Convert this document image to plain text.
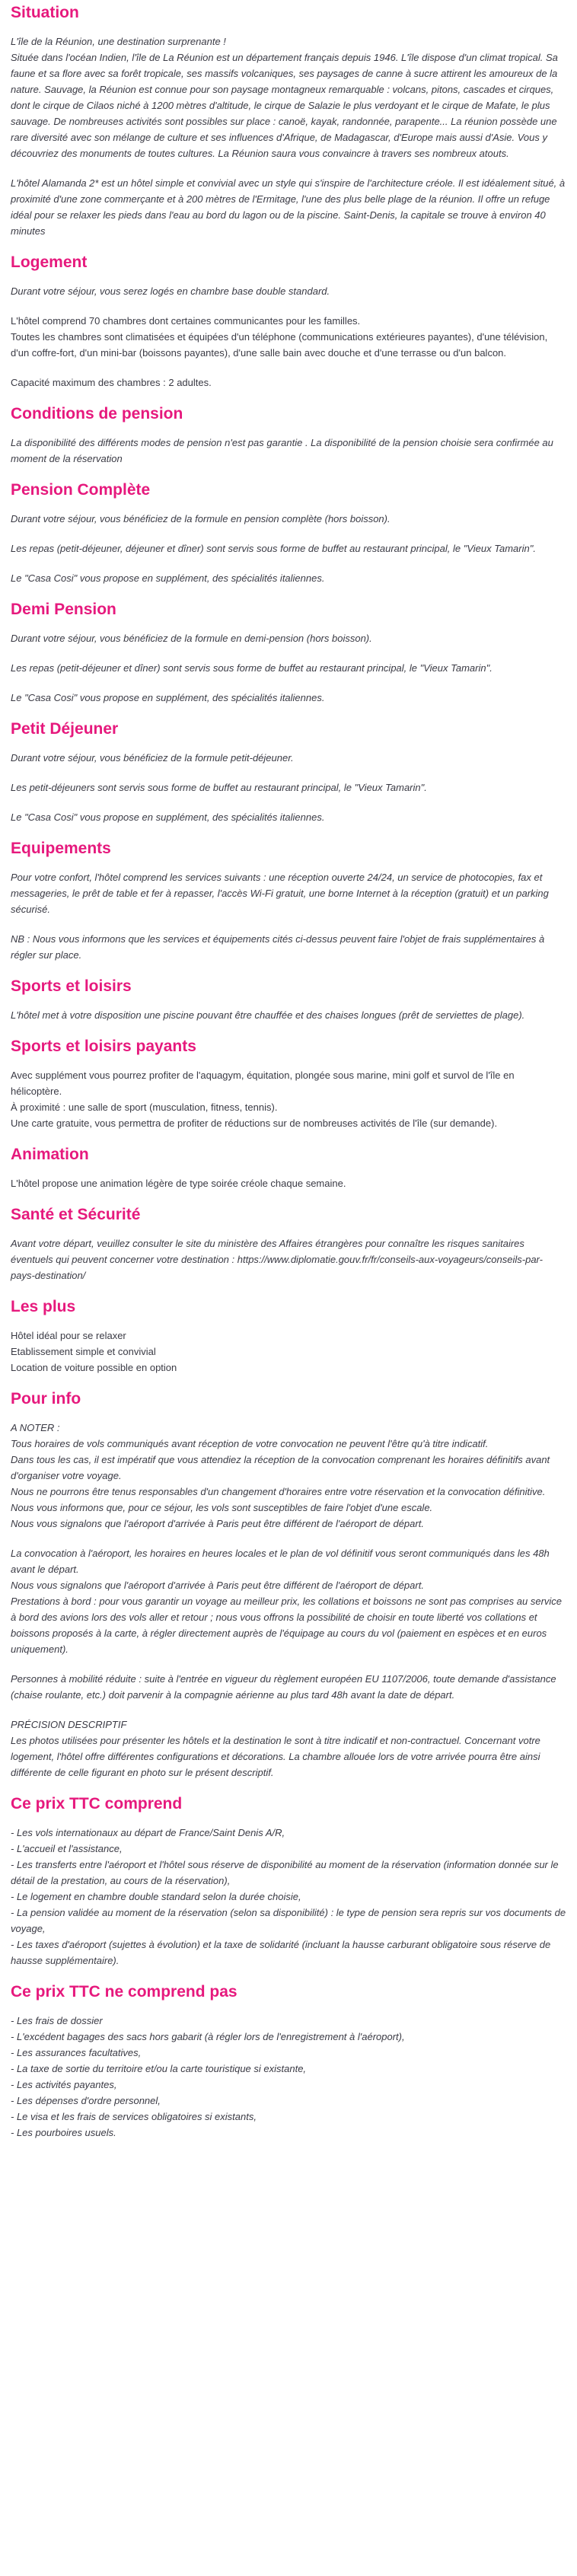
Situation
L'île de la Réunion, une destination surprenante !
Située dans l'océan Indien, l'île de La Réunion est un département français depuis 1946. L'île dispose d'un climat tropical. Sa faune et sa flore avec sa forêt tropicale, ses massifs volcaniques, ses paysages de canne à sucre attirent les amoureux de la nature. Sauvage, la Réunion est connue pour son paysage montagneux remarquable : volcans, pitons, cascades et cirques, dont le cirque de Cilaos niché à 1200 mètres d'altitude, le cirque de Salazie le plus verdoyant et le cirque de Mafate, le plus sauvage. De nombreuses activités sont possibles sur place : canoë, kayak, randonnée, parapente... La réunion possède une rare diversité avec son mélange de culture et ses influences d'Afrique, de Madagascar, d'Europe mais aussi d'Asie. Vous y découvriez des monuments de toutes cultures. La Réunion saura vous convaincre à travers ses nombreux atouts.
L'hôtel Alamanda 2* est un hôtel simple et convivial avec un style qui s'inspire de l'architecture créole. Il est idéalement situé, à proximité d'une zone commerçante et à 200 mètres de l'Ermitage, l'une des plus belle plage de la réunion. Il offre un refuge idéal pour se relaxer les pieds dans l'eau au bord du lagon ou de la piscine. Saint-Denis, la capitale se trouve à environ 40 minutes
Logement
Durant votre séjour, vous serez logés en chambre base double standard.
L'hôtel comprend 70 chambres dont certaines communicantes pour les familles.
Toutes les chambres sont climatisées et équipées d'un téléphone (communications extérieures payantes), d'une télévision, d'un coffre-fort, d'un mini-bar (boissons payantes), d'une salle bain avec douche et d'une terrasse ou d'un balcon.
Capacité maximum des chambres : 2 adultes.
Conditions de pension
La disponibilité des différents modes de pension n'est pas garantie . La disponibilité de la pension choisie sera confirmée au moment de la réservation
Pension Complète
Durant votre séjour, vous bénéficiez de la formule en pension complète (hors boisson).
Les repas (petit-déjeuner, déjeuner et dîner) sont servis sous forme de buffet au restaurant principal, le "Vieux Tamarin".
Le "Casa Cosi" vous propose en supplément, des spécialités italiennes.
Demi Pension
Durant votre séjour, vous bénéficiez de la formule en demi-pension (hors boisson).
Les repas (petit-déjeuner et dîner) sont servis sous forme de buffet au restaurant principal, le "Vieux Tamarin".
Le "Casa Cosi" vous propose en supplément, des spécialités italiennes.
Petit Déjeuner
Durant votre séjour, vous bénéficiez de la formule petit-déjeuner.
Les petit-déjeuners sont servis sous forme de buffet au restaurant principal, le "Vieux Tamarin".
Le "Casa Cosi" vous propose en supplément, des spécialités italiennes.
Equipements
Pour votre confort, l'hôtel comprend les services suivants : une réception ouverte 24/24, un service de photocopies, fax et messageries, le prêt de table et fer à repasser, l'accès Wi-Fi gratuit, une borne Internet à la réception (gratuit) et un parking sécurisé.
NB : Nous vous informons que les services et équipements cités ci-dessus peuvent faire l'objet de frais supplémentaires à régler sur place.
Sports et loisirs
L'hôtel met à votre disposition une piscine pouvant être chauffée et des chaises longues (prêt de serviettes de plage).
Sports et loisirs payants
Avec supplément vous pourrez profiter de l'aquagym, équitation, plongée sous marine, mini golf et survol de l'île en hélicoptère.
À proximité : une salle de sport (musculation, fitness, tennis).
Une carte gratuite, vous permettra de profiter de réductions sur de nombreuses activités de l'île (sur demande).
Animation
L'hôtel propose une animation légère de type soirée créole chaque semaine.
Santé et Sécurité
Avant votre départ, veuillez consulter le site du ministère des Affaires étrangères pour connaître les risques sanitaires éventuels qui peuvent concerner votre destination : https://www.diplomatie.gouv.fr/fr/conseils-aux-voyageurs/conseils-par-pays-destination/
Les plus
Hôtel idéal pour se relaxer
Etablissement simple et convivial
Location de voiture possible en option
Pour info
A NOTER :
Tous horaires de vols communiqués avant réception de votre convocation ne peuvent l'être qu'à titre indicatif.
Dans tous les cas, il est impératif que vous attendiez la réception de la convocation comprenant les horaires définitifs avant d'organiser votre voyage.
Nous ne pourrons être tenus responsables d'un changement d'horaires entre votre réservation et la convocation définitive.
Nous vous informons que, pour ce séjour, les vols sont susceptibles de faire l'objet d'une escale.
Nous vous signalons que l'aéroport d'arrivée à Paris peut être différent de l'aéroport de départ.
La convocation à l'aéroport, les horaires en heures locales et le plan de vol définitif vous seront communiqués dans les 48h avant le départ.
Nous vous signalons que l'aéroport d'arrivée à Paris peut être différent de l'aéroport de départ.
Prestations à bord : pour vous garantir un voyage au meilleur prix, les collations et boissons ne sont pas comprises au service à bord des avions lors des vols aller et retour ; nous vous offrons la possibilité de choisir en toute liberté vos collations et boissons proposés à la carte, à régler directement auprès de l'équipage au cours du vol (paiement en espèces et en euros uniquement).
Personnes à mobilité réduite : suite à l'entrée en vigueur du règlement européen EU 1107/2006, toute demande d'assistance (chaise roulante, etc.) doit parvenir à la compagnie aérienne au plus tard 48h avant la date de départ.
PRÉCISION DESCRIPTIF
Les photos utilisées pour présenter les hôtels et la destination le sont à titre indicatif et non-contractuel. Concernant votre logement, l'hôtel offre différentes configurations et décorations. La chambre allouée lors de votre arrivée pourra être ainsi différente de celle figurant en photo sur le présent descriptif.
Ce prix TTC comprend
- Les vols internationaux au départ de France/Saint Denis A/R,
- L'accueil et l'assistance,
- Les transferts entre l'aéroport et l'hôtel sous réserve de disponibilité au moment de la réservation (information donnée sur le détail de la prestation, au cours de la réservation),
- Le logement en chambre double standard selon la durée choisie,
- La pension validée au moment de la réservation (selon sa disponibilité) : le type de pension sera repris sur vos documents de voyage,
- Les taxes d'aéroport (sujettes à évolution) et la taxe de solidarité (incluant la hausse carburant obligatoire sous réserve de hausse supplémentaire).
Ce prix TTC ne comprend pas
- Les frais de dossier
- L'excédent bagages des sacs hors gabarit (à régler lors de l'enregistrement à l'aéroport),
- Les assurances facultatives,
- La taxe de sortie du territoire et/ou la carte touristique si existante,
- Les activités payantes,
- Les dépenses d'ordre personnel,
- Le visa et les frais de services obligatoires si existants,
- Les pourboires usuels.
